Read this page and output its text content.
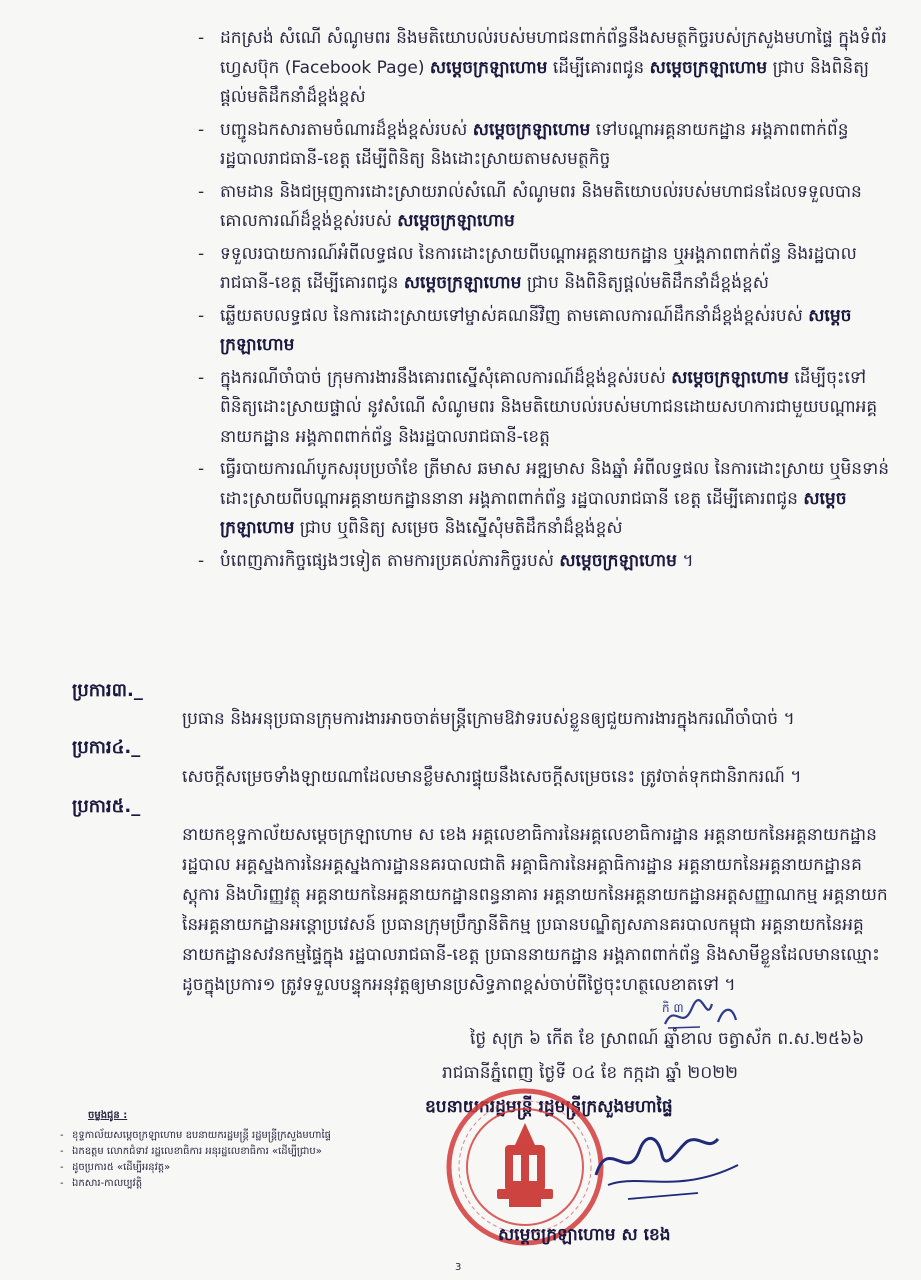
- ដកស្រង់ សំណើ សំណូមពរ និងមតិយោបល់របស់មហាជនពាក់ព័ន្ធនឹងសមត្ថកិច្ចរបស់ក្រសួងមហាផ្ទៃ ក្នុងទំព័រហ្វេសប៊ុក (Facebook Page) សម្ដេចក្រឡាហោម ដើម្បីគោរពជូន សម្ដេចក្រឡាហោម ជ្រាប និងពិនិត្យផ្ដល់មតិដឹកនាំដ៏ខ្ពង់ខ្ពស់
- បញ្ជូនឯកសារតាមចំណារដ៏ខ្ពង់ខ្ពស់របស់ សម្ដេចក្រឡាហោម ទៅបណ្ដាអគ្គនាយកដ្ឋាន អង្គភាពពាក់ព័ន្ធ រដ្ឋបាលរាជធានី-ខេត្ត ដើម្បីពិនិត្យ និងដោះស្រាយតាមសមត្ថកិច្ច
- តាមដាន និងជម្រុញការដោះស្រាយរាល់សំណើ សំណូមពរ និងមតិយោបល់របស់មហាជនដែលទទួលបានគោលការណ៍ដ៏ខ្ពង់ខ្ពស់របស់ សម្ដេចក្រឡាហោម
- ទទួលរបាយការណ៍អំពីលទ្ធផល នៃការដោះស្រាយពីបណ្ដាអគ្គនាយកដ្ឋាន ឬអង្គភាពពាក់ព័ន្ធ និងរដ្ឋបាលរាជធានី-ខេត្ត ដើម្បីគោរពជូន សម្ដេចក្រឡាហោម ជ្រាប និងពិនិត្យផ្ដល់មតិដឹកនាំដ៏ខ្ពង់ខ្ពស់
- ឆ្លើយតបលទ្ធផល នៃការដោះស្រាយទៅម្ចាស់គណនីវិញ តាមគោលការណ៍ដឹកនាំដ៏ខ្ពង់ខ្ពស់របស់ សម្ដេចក្រឡាហោម
- ក្នុងករណីចាំបាច់ ក្រុមការងារនឹងគោរពស្នើសុំគោលការណ៍ដ៏ខ្ពង់ខ្ពស់របស់ សម្ដេចក្រឡាហោម ដើម្បីចុះទៅពិនិត្យដោះស្រាយផ្ទាល់ នូវសំណើ សំណូមពរ និងមតិយោបល់របស់មហាជនដោយសហការជាមួយបណ្ដាអគ្គនាយកដ្ឋាន អង្គភាពពាក់ព័ន្ធ និងរដ្ឋបាលរាជធានី-ខេត្ត
- ធ្វើរបាយការណ៍បូកសរុបប្រចាំខែ ត្រីមាស ឆមាស អឌ្ឍមាស និងឆ្នាំ អំពីលទ្ធផល នៃការដោះស្រាយ ឬមិនទាន់ដោះស្រាយពីបណ្ដាអគ្គនាយកដ្ឋាននានា អង្គភាពពាក់ព័ន្ធ រដ្ឋបាលរាជធានី ខេត្ត ដើម្បីគោរពជូន សម្ដេចក្រឡាហោម ជ្រាប ឬពិនិត្យ សម្រេច និងស្នើសុំមតិដឹកនាំដ៏ខ្ពង់ខ្ពស់
- បំពេញភារកិច្ចផ្សេងៗទៀត តាមការប្រគល់ភារកិច្ចរបស់ សម្ដេចក្រឡាហោម ។
ប្រការ៣._
ប្រធាន និងអនុប្រធានក្រុមការងារអាចចាត់មន្ត្រីក្រោមឱវាទរបស់ខ្លួនឲ្យជួយការងារក្នុងករណីចាំបាច់ ។
ប្រការ៤._
សេចក្ដីសម្រេចទាំងឡាយណាដែលមានខ្លឹមសារផ្ទុយនឹងសេចក្ដីសម្រេចនេះ ត្រូវចាត់ទុកជានិរាករណ៍ ។
ប្រការ៥._
នាយកខុទ្ទកាល័យសម្ដេចក្រឡាហោម ស ខេង អគ្គលេខាធិការនៃអគ្គលេខាធិការដ្ឋាន អគ្គនាយកនៃអគ្គនាយកដ្ឋានរដ្ឋបាល អគ្គស្នងការនៃអគ្គស្នងការដ្ឋាននគរបាលជាតិ អគ្គាធិការនៃអគ្គាធិការដ្ឋាន អគ្គនាយកនៃអគ្គនាយកដ្ឋានគស្តុការ និងហិរញ្ញវត្ថុ អគ្គនាយកនៃអគ្គនាយកដ្ឋានពន្ធនាគារ អគ្គនាយកនៃអគ្គនាយកដ្ឋានអត្តសញ្ញាណកម្ម អគ្គនាយកនៃអគ្គនាយកដ្ឋានអន្តោប្រវេសន៍ ប្រធានក្រុមប្រឹក្សានីតិកម្ម ប្រធានបណ្ឌិត្យសភានគរបាលកម្ពុជា អគ្គនាយកនៃអគ្គនាយកដ្ឋានសវនកម្មផ្ទៃក្នុង រដ្ឋបាលរាជធានី-ខេត្ត ប្រធាននាយកដ្ឋាន អង្គភាពពាក់ព័ន្ធ និងសាមីខ្លួនដែលមានឈ្មោះដូចក្នុងប្រការ១ ត្រូវទទួលបន្ទុកអនុវត្តឲ្យមានប្រសិទ្ធភាពខ្ពស់ចាប់ពីថ្ងៃចុះហត្ថលេខាតទៅ ។
កិ ៣
ថ្ងៃ សុក្រ ៦ កើត ខែ ស្រាពណ៍ ឆ្នាំខាល ចត្វាស័ក ព.ស.២៥៦៦
រាជធានីភ្នំពេញ ថ្ងៃទី ០៤ ខែ កក្កដា ឆ្នាំ ២០២២
ឧបនាយករដ្ឋមន្ត្រី រដ្ឋមន្ត្រីក្រសួងមហាផ្ទៃ
សម្ដេចក្រឡាហោម ស ខេង
ចម្លងជូន :
- ខុទ្ទកាល័យសម្ដេចក្រឡាហោម ឧបនាយករដ្ឋមន្ត្រី រដ្ឋមន្ត្រីក្រសួងមហាផ្ទៃ
- ឯកឧត្តម លោកជំទាវ រដ្ឋលេខាធិការ អនុរដ្ឋលេខាធិការ «ដើម្បីជ្រាប»
- ដូចប្រការ៥ «ដើម្បីអនុវត្ត»
- ឯកសារ-កាលប្បវត្តិ
3
